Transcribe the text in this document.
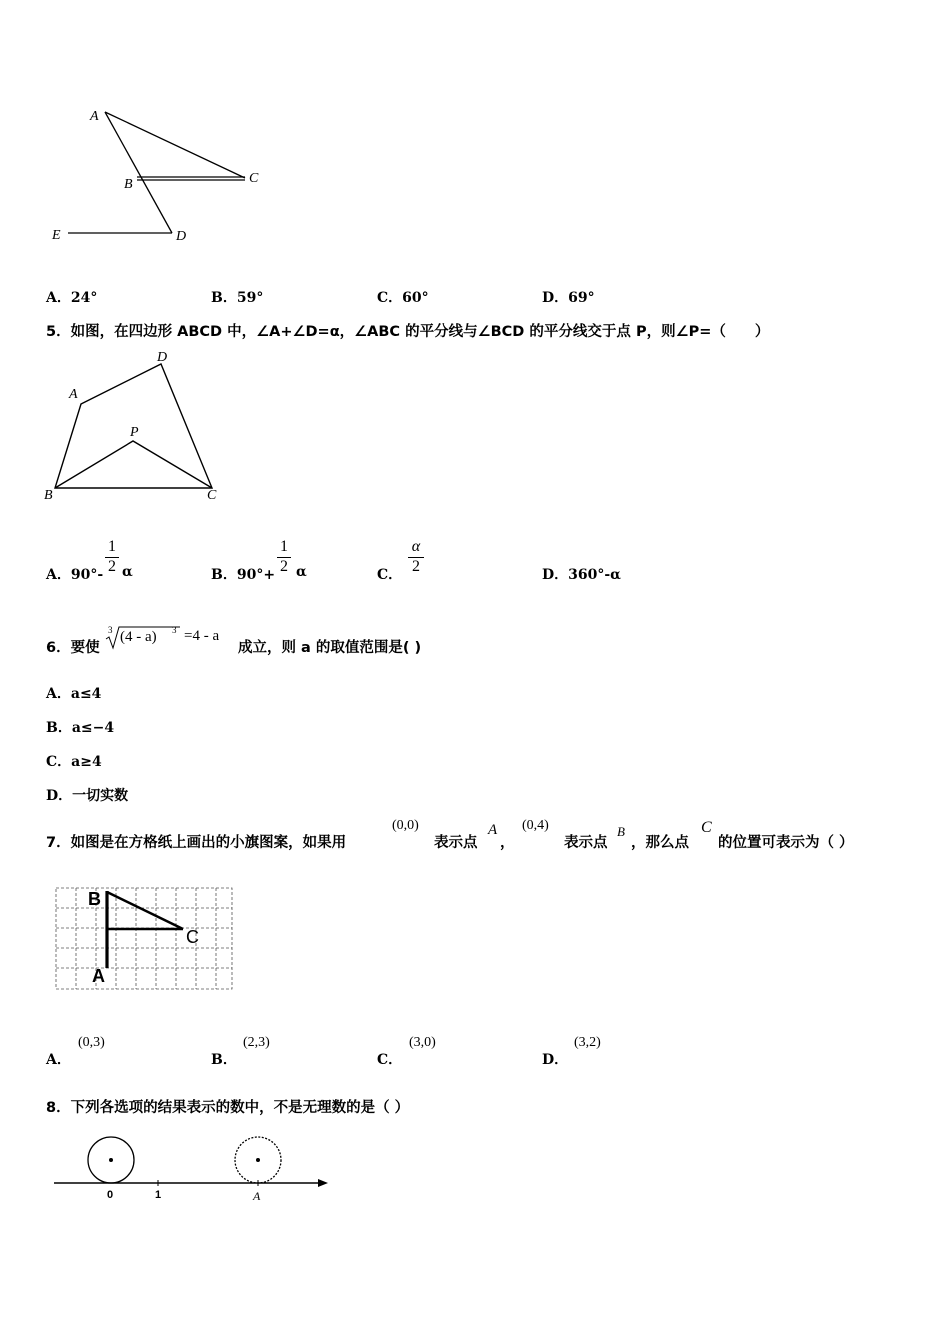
A
B	C
E	D
A．24°	B．59°	C．60°	D．69°
5．如图，在四边形 ABCD 中，∠A+∠D=α，∠ABC 的平分线与∠BCD 的平分线交于点 P，则∠P=（　　）
A
D
P
B	C
A．$90^\circ- \frac{1}{2}$ α	B．$90^\circ+ \frac{1}{2}$ α	C． $\frac{\alpha}{2}$	D．360°-α
6．要使
3 (4 - a) 3 =4 - a
成立，则 a 的取值范围是( )
A．a≤4
B．a≤−4
C．a≥4
D．一切实数
7．如图是在方格纸上画出的小旗图案，如果用
(0,0)
表示点
A
，
(0,4)
表示点
B
，那么点
C
的位置可表示为（ ）
B
C
A
A．
(0,3)
B．
(2,3)
C．
(3,0)
D．
(3,2)
8．下列各选项的结果表示的数中，不是无理数的是（ ）
0	1	A
